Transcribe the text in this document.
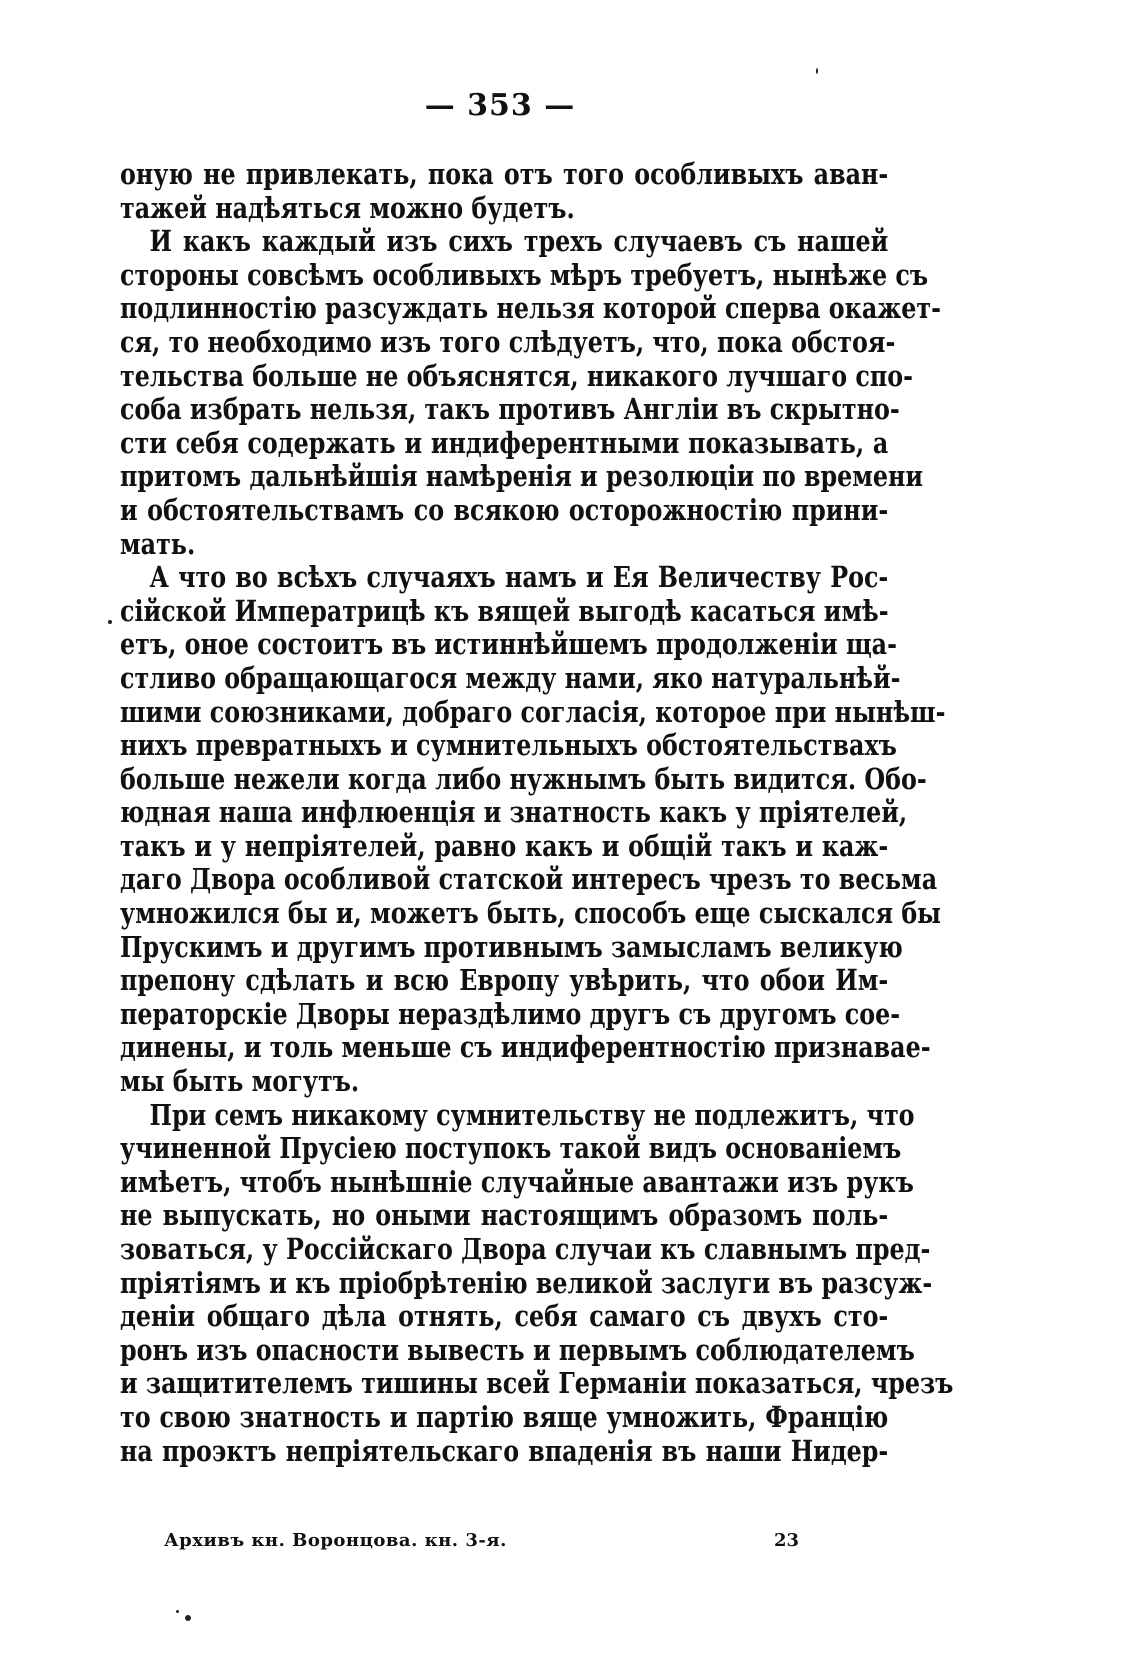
— 353 —
оную не привлекать, пока отъ того особливыхъ аван-
тажей надѣяться можно будетъ.
И какъ каждый изъ сихъ трехъ случаевъ съ нашей
стороны совсѣмъ особливыхъ мѣръ требуетъ, нынѣже съ
подлинностію разсуждать нельзя которой сперва окажет-
ся, то необходимо изъ того слѣдуетъ, что, пока обстоя-
тельства больше не объяснятся, никакого лучшаго спо-
соба избрать нельзя, такъ противъ Англіи въ скрытно-
сти себя содержать и индиферентными показывать, а
притомъ дальнѣйшія намѣренія и резолюціи по времени
и обстоятельствамъ со всякою осторожностію прини-
мать.
А что во всѣхъ случаяхъ намъ и Ея Величеству Рос-
сійской Императрицѣ къ вящей выгодѣ касаться имѣ-
етъ, оное состоитъ въ истиннѣйшемъ продолженіи щa-
стливо обращающагося между нами, яко натуральнѣй-
шими союзниками, добраго согласія, которое при нынѣш-
нихъ превратныхъ и сумнительныхъ обстоятельствахъ
больше нежели когда либо нужнымъ быть видится. Обо-
юдная наша инфлюенція и знатность какъ у пріятелей,
такъ и у непріятелей, равно какъ и общій такъ и каж-
даго Двора особливой статской интересъ чрезъ то весьма
умножился бы и, можетъ быть, способъ еще сыскался бы
Прускимъ и другимъ противнымъ замысламъ великую
препону сдѣлать и всю Европу увѣрить, что обои Им-
ператорскіе Дворы нераздѣлимо другъ съ другомъ сое-
динены, и толь меньше съ индиферентностію признавае-
мы быть могутъ.
При семъ никакому сумнительству не подлежитъ, что
учиненной Прусіею поступокъ такой видъ основаніемъ
имѣетъ, чтобъ нынѣшніе случайные авантажи изъ рукъ
не выпускать, но оными настоящимъ образомъ поль-
зоваться, у Россійскаго Двора случаи къ славнымъ пред-
пріятіямъ и къ пріобрѣтенію великой заслуги въ разсуж-
деніи общаго дѣла отнять, себя самаго съ двухъ сто-
ронъ изъ опасности вывесть и первымъ соблюдателемъ
и защитителемъ тишины всей Германіи показаться, чрезъ
то свою знатность и партію вяще умножить, Францію
на проэктъ непріятельскаго впаденія въ наши Нидер-
Архивъ кн. Воронцова. кн. 3-я.	23
